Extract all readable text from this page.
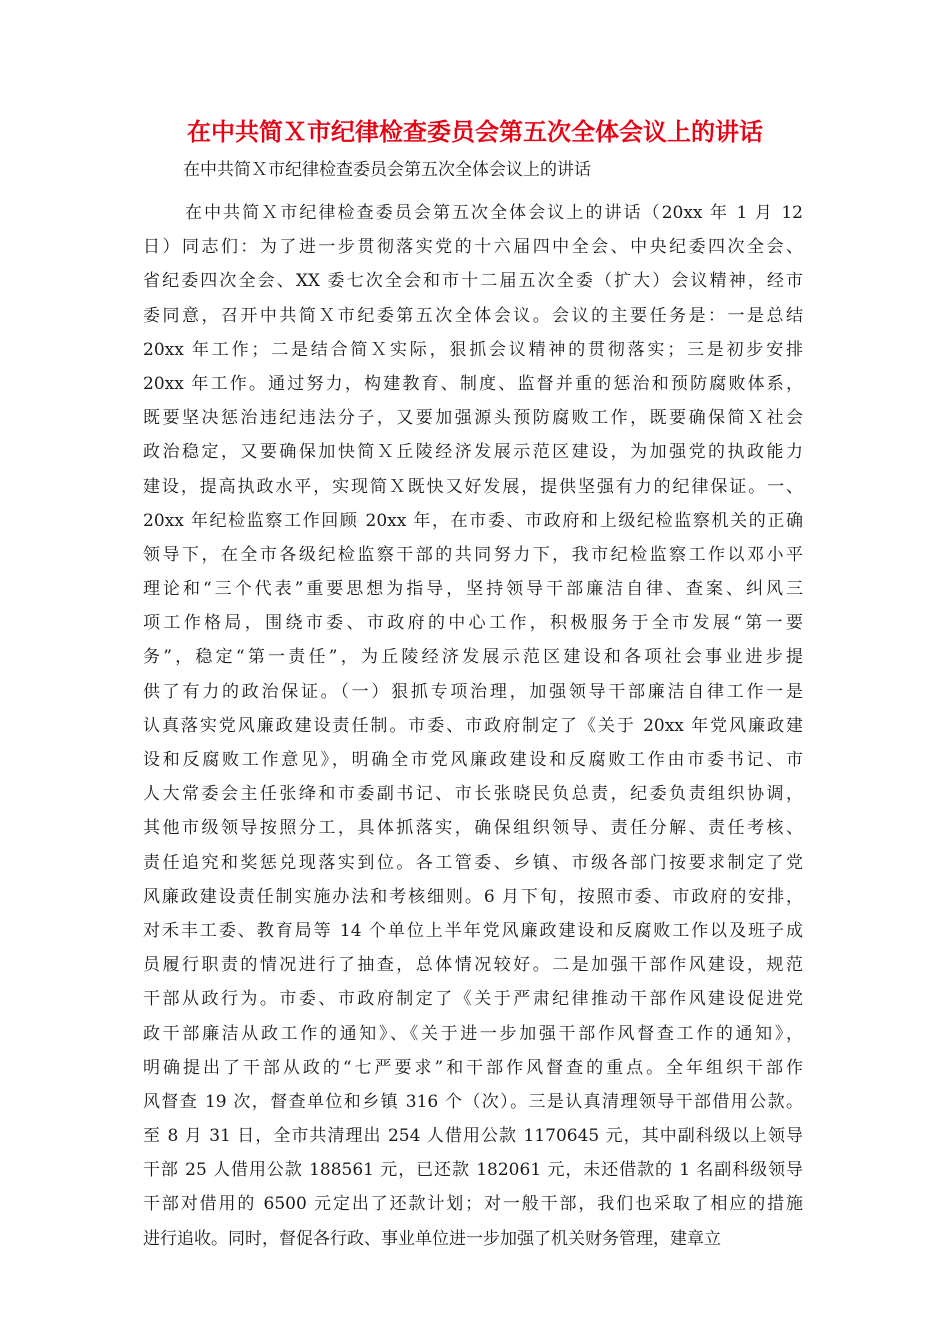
在中共简Ｘ市纪律检查委员会第五次全体会议上的讲话

在中共简Ｘ市纪律检查委员会第五次全体会议上的讲话

在中共简Ｘ市纪律检查委员会第五次全体会议上的讲话（20xx 年 1 月 12
日）同志们：为了进一步贯彻落实党的十六届四中全会、中央纪委四次全会、
省纪委四次全会、XX 委七次全会和市十二届五次全委（扩大）会议精神，经市
委同意，召开中共简Ｘ市纪委第五次全体会议。会议的主要任务是：一是总结
20xx 年工作；二是结合简Ｘ实际，狠抓会议精神的贯彻落实；三是初步安排
20xx 年工作。通过努力，构建教育、制度、监督并重的惩治和预防腐败体系，
既要坚决惩治违纪违法分子，又要加强源头预防腐败工作，既要确保简Ｘ社会
政治稳定，又要确保加快简Ｘ丘陵经济发展示范区建设，为加强党的执政能力
建设，提高执政水平，实现简Ｘ既快又好发展，提供坚强有力的纪律保证。一、
20xx 年纪检监察工作回顾 20xx 年，在市委、市政府和上级纪检监察机关的正确
领导下，在全市各级纪检监察干部的共同努力下，我市纪检监察工作以邓小平
理论和“三个代表”重要思想为指导，坚持领导干部廉洁自律、查案、纠风三
项工作格局，围绕市委、市政府的中心工作，积极服务于全市发展“第一要
务”，稳定“第一责任”，为丘陵经济发展示范区建设和各项社会事业进步提
供了有力的政治保证。（一）狠抓专项治理，加强领导干部廉洁自律工作一是
认真落实党风廉政建设责任制。市委、市政府制定了《关于 20xx 年党风廉政建
设和反腐败工作意见》，明确全市党风廉政建设和反腐败工作由市委书记、市
人大常委会主任张绛和市委副书记、市长张晓民负总责，纪委负责组织协调，
其他市级领导按照分工，具体抓落实，确保组织领导、责任分解、责任考核、
责任追究和奖惩兑现落实到位。各工管委、乡镇、市级各部门按要求制定了党
风廉政建设责任制实施办法和考核细则。6 月下旬，按照市委、市政府的安排，
对禾丰工委、教育局等 14 个单位上半年党风廉政建设和反腐败工作以及班子成
员履行职责的情况进行了抽查，总体情况较好。二是加强干部作风建设，规范
干部从政行为。市委、市政府制定了《关于严肃纪律推动干部作风建设促进党
政干部廉洁从政工作的通知》、《关于进一步加强干部作风督查工作的通知》，
明确提出了干部从政的“七严要求”和干部作风督查的重点。全年组织干部作
风督查 19 次，督查单位和乡镇 316 个（次）。三是认真清理领导干部借用公款。
至 8 月 31 日，全市共清理出 254 人借用公款 1170645 元，其中副科级以上领导
干部 25 人借用公款 188561 元，已还款 182061 元，未还借款的 1 名副科级领导
干部对借用的 6500 元定出了还款计划；对一般干部，我们也采取了相应的措施
进行追收。同时，督促各行政、事业单位进一步加强了机关财务管理，建章立
